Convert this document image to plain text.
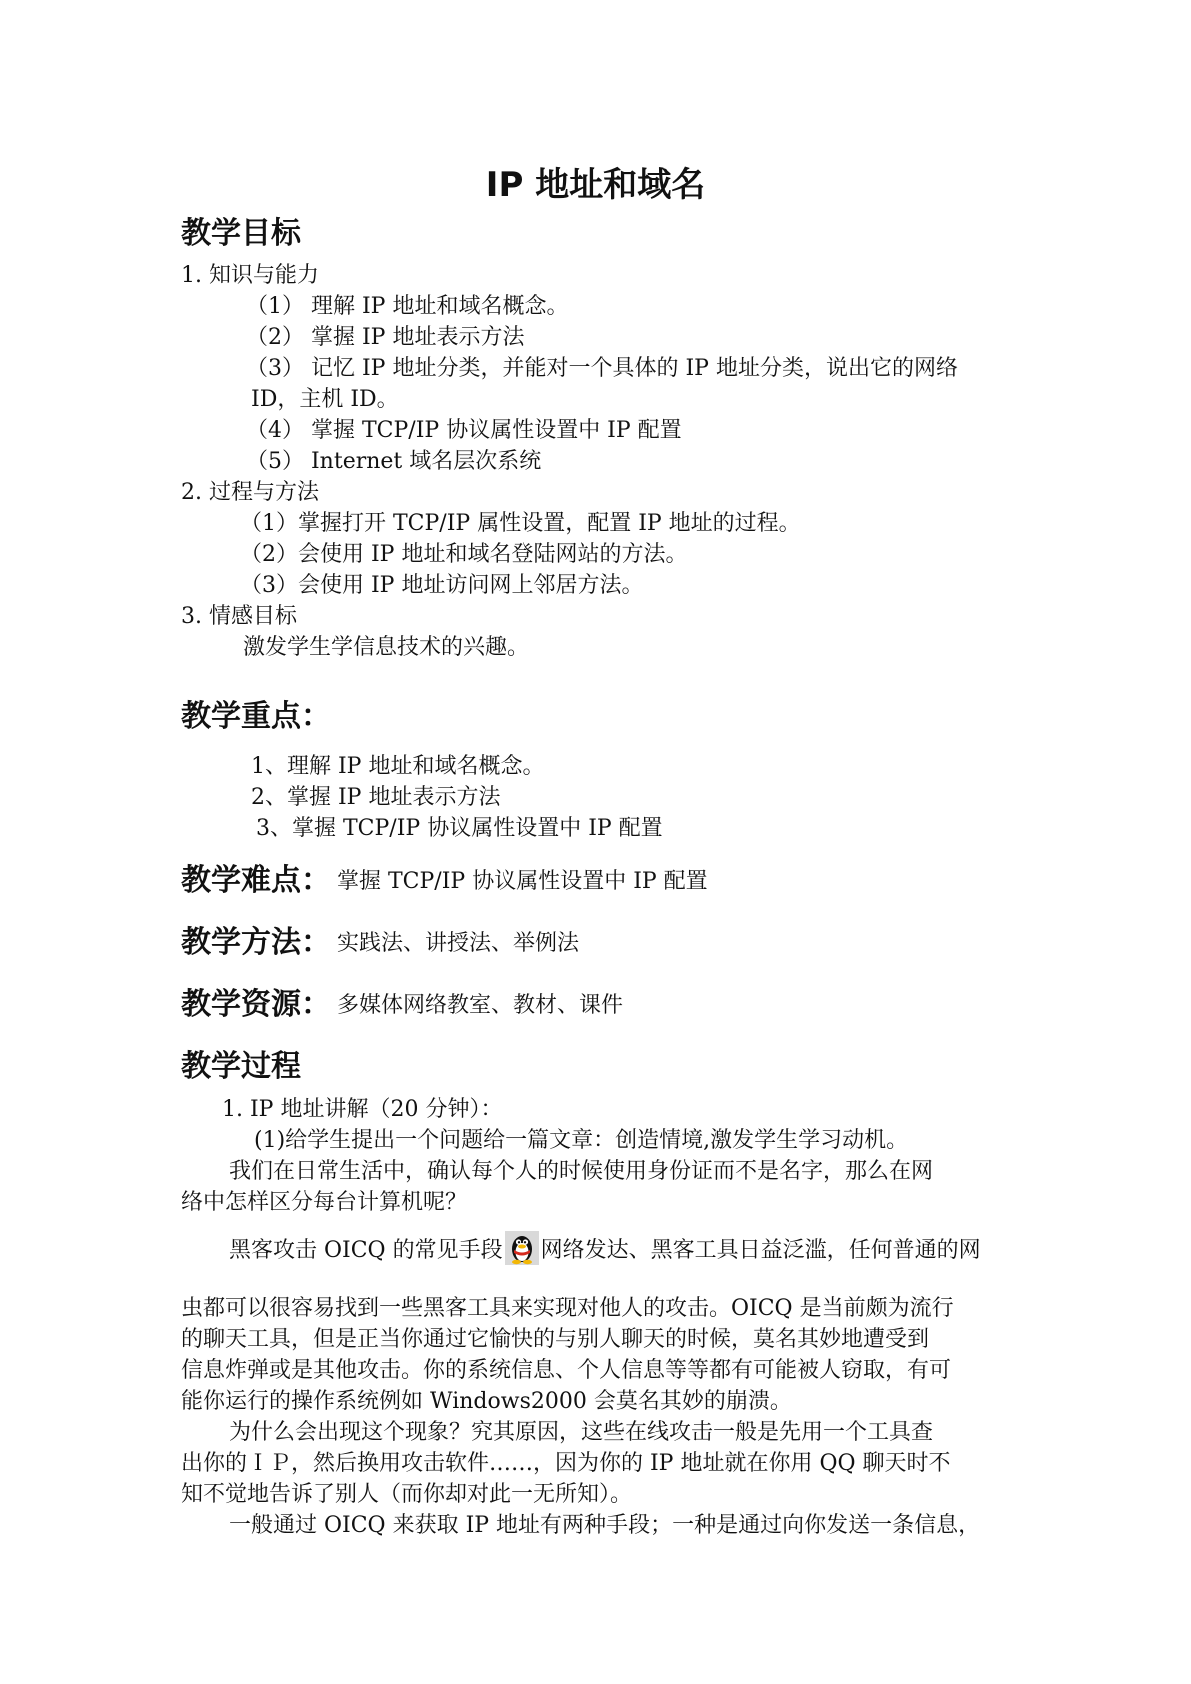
IP 地址和域名
教学目标
1. 知识与能力
（1） 理解 IP 地址和域名概念。
（2） 掌握 IP 地址表示方法
（3） 记忆 IP 地址分类，并能对一个具体的 IP 地址分类，说出它的网络
ID，主机 ID。
（4） 掌握 TCP/IP 协议属性设置中 IP 配置
（5） Internet 域名层次系统
2. 过程与方法
（1）掌握打开 TCP/IP 属性设置，配置 IP 地址的过程。
（2）会使用 IP 地址和域名登陆网站的方法。
（3）会使用 IP 地址访问网上邻居方法。
3. 情感目标
激发学生学信息技术的兴趣。
教学重点：
1、理解 IP 地址和域名概念。
2、掌握 IP 地址表示方法
3、掌握 TCP/IP 协议属性设置中 IP 配置
教学难点： 掌握 TCP/IP 协议属性设置中 IP 配置
教学方法： 实践法、讲授法、举例法
教学资源： 多媒体网络教室、教材、课件
教学过程
1. IP 地址讲解（20 分钟）：
(1)给学生提出一个问题给一篇文章：创造情境,激发学生学习动机。
我们在日常生活中，确认每个人的时候使用身份证而不是名字，那么在网
络中怎样区分每台计算机呢？
黑客攻击 OICQ 的常见手段 网络发达、黑客工具日益泛滥，任何普通的网
虫都可以很容易找到一些黑客工具来实现对他人的攻击。OICQ 是当前颇为流行
的聊天工具，但是正当你通过它愉快的与别人聊天的时候，莫名其妙地遭受到
信息炸弹或是其他攻击。你的系统信息、个人信息等等都有可能被人窃取，有可
能你运行的操作系统例如 Windows2000 会莫名其妙的崩溃。
为什么会出现这个现象？究其原因，这些在线攻击一般是先用一个工具查
出你的ＩＰ，然后换用攻击软件……，因为你的 IP 地址就在你用 QQ 聊天时不
知不觉地告诉了别人（而你却对此一无所知）。
一般通过 OICQ 来获取 IP 地址有两种手段；一种是通过向你发送一条信息，
